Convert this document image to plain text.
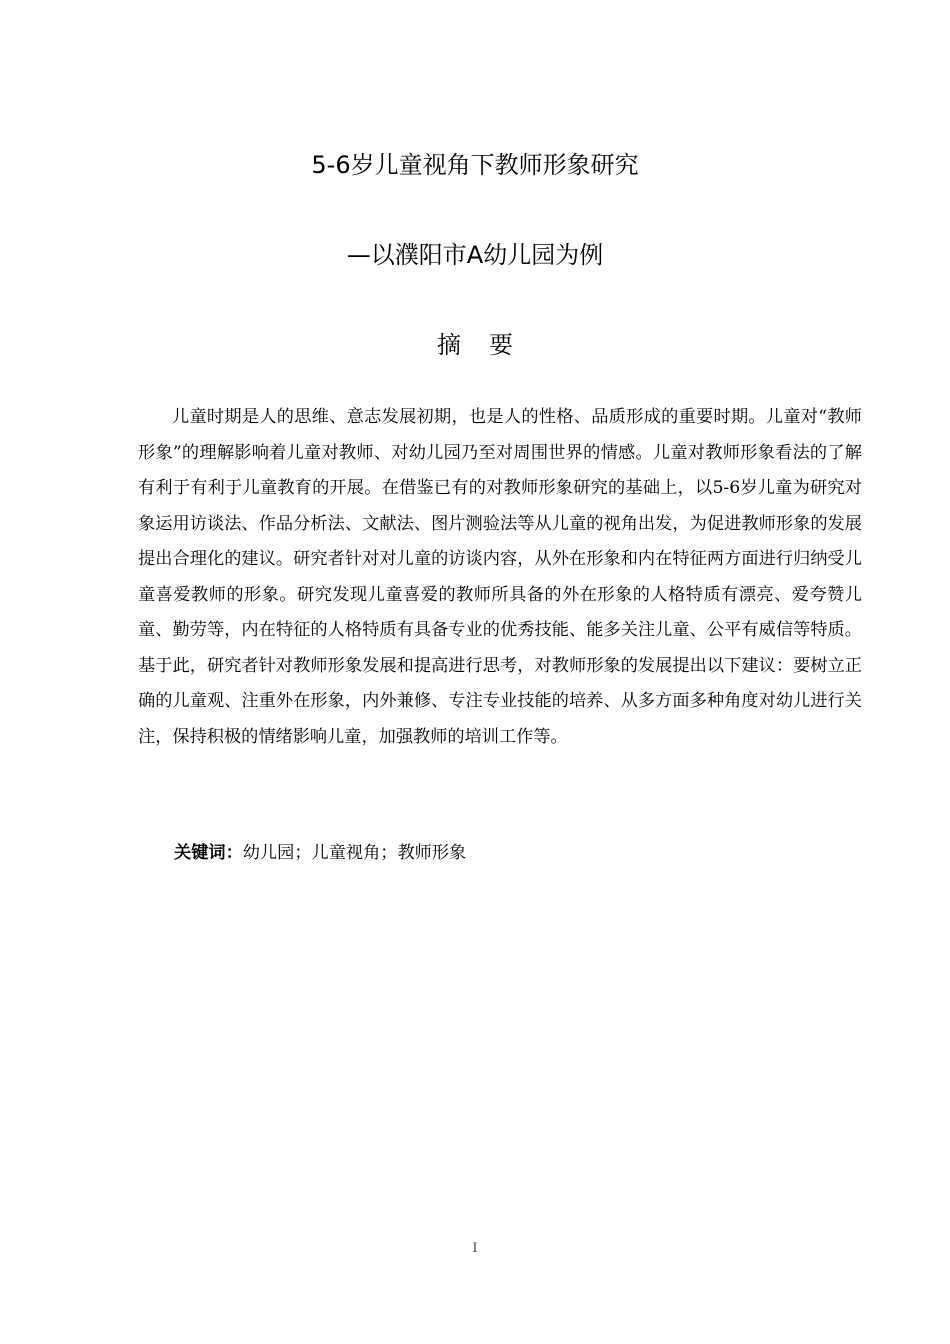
5-6岁儿童视角下教师形象研究
—以濮阳市A幼儿园为例
摘要

儿童时期是人的思维、意志发展初期，也是人的性格、品质形成的重要时期。儿童对“教师形象”的理解影响着儿童对教师、对幼儿园乃至对周围世界的情感。儿童对教师形象看法的了解有利于有利于儿童教育的开展。在借鉴已有的对教师形象研究的基础上，以5-6岁儿童为研究对象运用访谈法、作品分析法、文献法、图片测验法等从儿童的视角出发，为促进教师形象的发展提出合理化的建议。研究者针对对儿童的访谈内容，从外在形象和内在特征两方面进行归纳受儿童喜爱教师的形象。研究发现儿童喜爱的教师所具备的外在形象的人格特质有漂亮、爱夸赞儿童、勤劳等，内在特征的人格特质有具备专业的优秀技能、能多关注儿童、公平有威信等特质。基于此，研究者针对教师形象发展和提高进行思考，对教师形象的发展提出以下建议：要树立正确的儿童观、注重外在形象，内外兼修、专注专业技能的培养、从多方面多种角度对幼儿进行关注，保持积极的情绪影响儿童，加强教师的培训工作等。

关键词：幼儿园；儿童视角；教师形象

I
